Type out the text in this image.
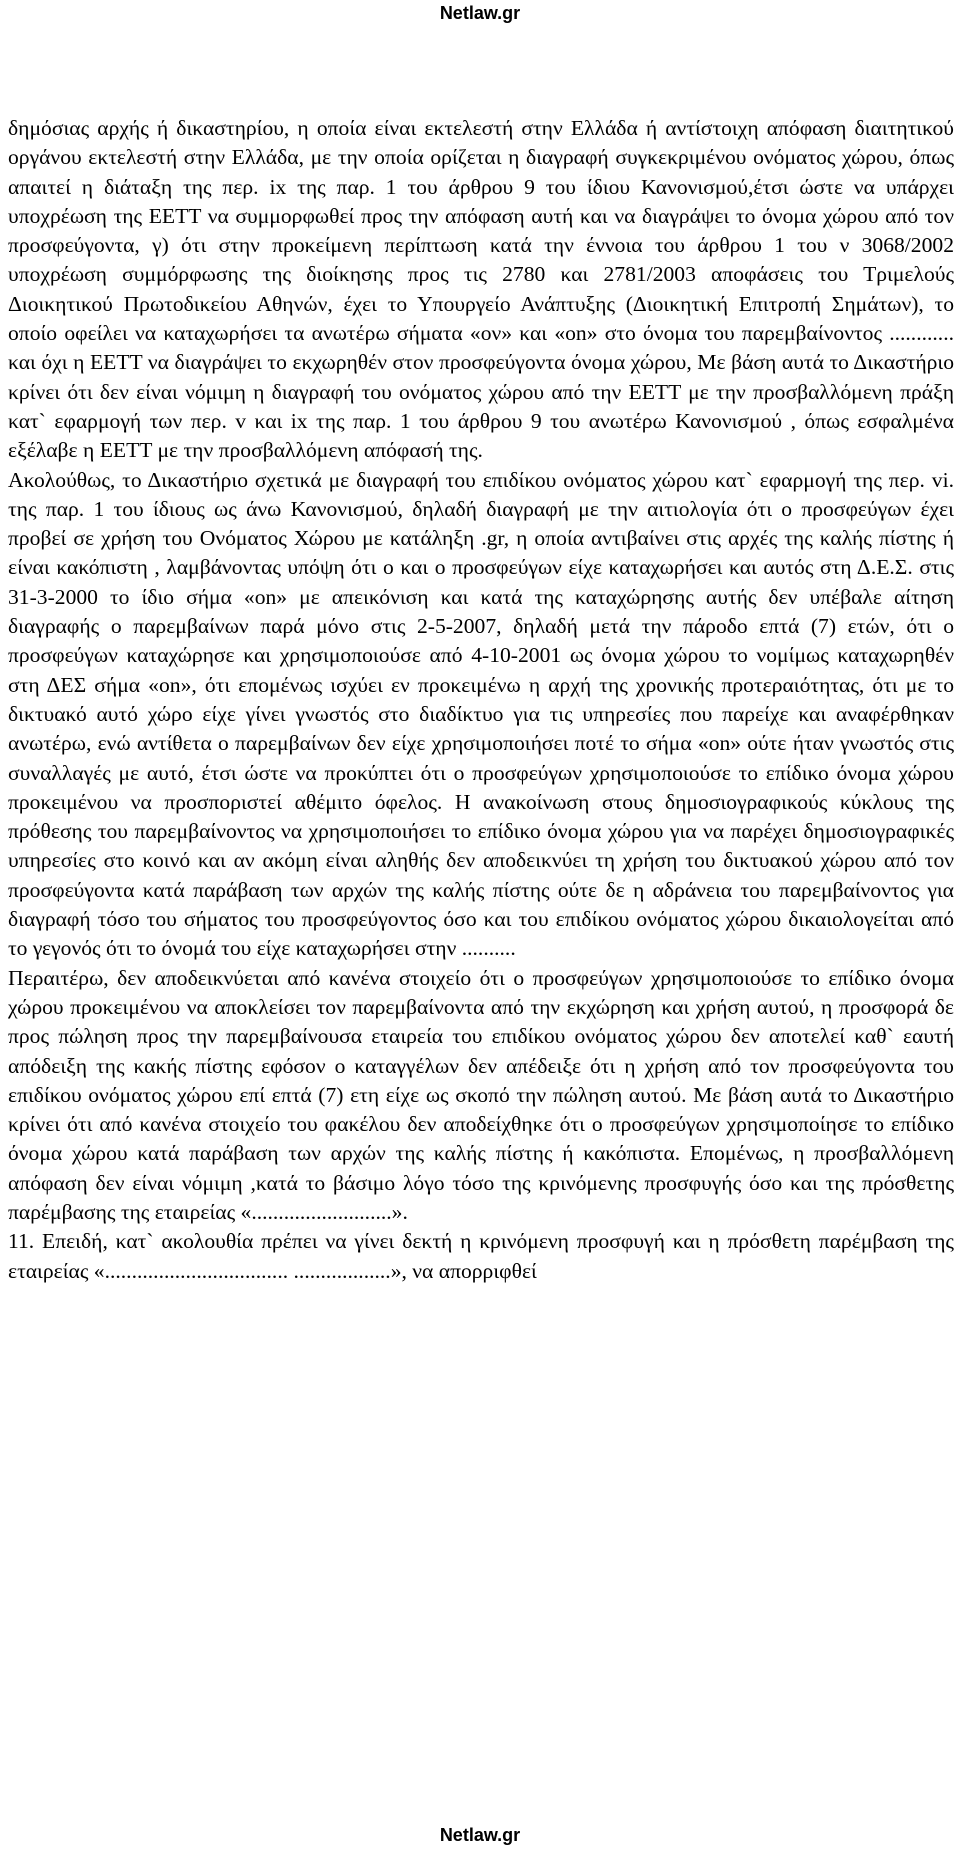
Netlaw.gr

δημόσιας αρχής ή δικαστηρίου, η οποία είναι εκτελεστή στην Ελλάδα ή αντίστοιχη απόφαση διαιτητικού οργάνου εκτελεστή στην Ελλάδα, με την οποία ορίζεται η διαγραφή συγκεκριμένου ονόματος χώρου, όπως απαιτεί η διάταξη της περ. ix της παρ. 1 του άρθρου 9 του ίδιου Κανονισμού,έτσι ώστε να υπάρχει υποχρέωση της ΕΕΤΤ να συμμορφωθεί προς την απόφαση αυτή και να διαγράψει το όνομα χώρου από τον προσφεύγοντα, γ) ότι στην προκείμενη περίπτωση κατά την έννοια του άρθρου 1 του ν 3068/2002 υποχρέωση συμμόρφωσης της διοίκησης προς τις 2780 και 2781/2003 αποφάσεις του Τριμελούς Διοικητικού Πρωτοδικείου Αθηνών, έχει το Υπουργείο Ανάπτυξης (Διοικητική Επιτροπή Σημάτων), το οποίο οφείλει να καταχωρήσει τα ανωτέρω σήματα «ον» και «on» στο όνομα του παρεμβαίνοντος ............ και όχι η ΕΕΤΤ να διαγράψει το εκχωρηθέν στον προσφεύγοντα όνομα χώρου, Με βάση αυτά το Δικαστήριο κρίνει ότι δεν είναι νόμιμη η διαγραφή του ονόματος χώρου από την ΕΕΤΤ με την προσβαλλόμενη πράξη κατ` εφαρμογή των περ. v και ix της παρ. 1 του άρθρου 9 του ανωτέρω Κανονισμού , όπως εσφαλμένα εξέλαβε η ΕΕΤΤ με την προσβαλλόμενη απόφασή της.

Ακολούθως, το Δικαστήριο σχετικά με διαγραφή του επιδίκου ονόματος χώρου κατ` εφαρμογή της περ. vi. της παρ. 1 του ίδιους ως άνω Κανονισμού, δηλαδή διαγραφή με την αιτιολογία ότι ο προσφεύγων έχει προβεί σε χρήση του Ονόματος Χώρου με κατάληξη .gr, η οποία αντιβαίνει στις αρχές της καλής πίστης ή είναι κακόπιστη , λαμβάνοντας υπόψη ότι ο και ο προσφεύγων είχε καταχωρήσει και αυτός στη Δ.Ε.Σ. στις 31-3-2000 το ίδιο σήμα «on» με απεικόνιση και κατά της καταχώρησης αυτής δεν υπέβαλε αίτηση διαγραφής ο παρεμβαίνων παρά μόνο στις 2-5-2007, δηλαδή μετά την πάροδο επτά (7) ετών, ότι ο προσφεύγων καταχώρησε και χρησιμοποιούσε από 4-10-2001 ως όνομα χώρου το νομίμως καταχωρηθέν στη ΔΕΣ σήμα «on», ότι επομένως ισχύει εν προκειμένω η αρχή της χρονικής προτεραιότητας, ότι με το δικτυακό αυτό χώρο είχε γίνει γνωστός στο διαδίκτυο για τις υπηρεσίες που παρείχε και αναφέρθηκαν ανωτέρω, ενώ αντίθετα ο παρεμβαίνων δεν είχε χρησιμοποιήσει ποτέ το σήμα «on» ούτε ήταν γνωστός στις συναλλαγές με αυτό, έτσι ώστε να προκύπτει ότι ο προσφεύγων χρησιμοποιούσε το επίδικο όνομα χώρου προκειμένου να προσποριστεί αθέμιτο όφελος. Η ανακοίνωση στους δημοσιογραφικούς κύκλους της πρόθεσης του παρεμβαίνοντος να χρησιμοποιήσει το επίδικο όνομα χώρου για να παρέχει δημοσιογραφικές υπηρεσίες στο κοινό και αν ακόμη είναι αληθής δεν αποδεικνύει τη χρήση του δικτυακού χώρου από τον προσφεύγοντα κατά παράβαση των αρχών της καλής πίστης ούτε δε η αδράνεια του παρεμβαίνοντος για διαγραφή τόσο του σήματος του προσφεύγοντος όσο και του επιδίκου ονόματος χώρου δικαιολογείται από το γεγονός ότι το όνομά του είχε καταχωρήσει στην ..........

Περαιτέρω, δεν αποδεικνύεται από κανένα στοιχείο ότι ο προσφεύγων χρησιμοποιούσε το επίδικο όνομα χώρου προκειμένου να αποκλείσει τον παρεμβαίνοντα από την εκχώρηση και χρήση αυτού, η προσφορά δε προς πώληση προς την παρεμβαίνουσα εταιρεία του επιδίκου ονόματος χώρου δεν αποτελεί καθ` εαυτή απόδειξη της κακής πίστης εφόσον ο καταγγέλων δεν απέδειξε ότι η χρήση από τον προσφεύγοντα του επιδίκου ονόματος χώρου επί επτά (7) ετη είχε ως σκοπό την πώληση αυτού. Με βάση αυτά το Δικαστήριο κρίνει ότι από κανένα στοιχείο του φακέλου δεν αποδείχθηκε ότι ο προσφεύγων χρησιμοποίησε το επίδικο όνομα χώρου κατά παράβαση των αρχών της καλής πίστης ή κακόπιστα. Επομένως, η προσβαλλόμενη απόφαση δεν είναι νόμιμη ,κατά το βάσιμο λόγο τόσο της κρινόμενης προσφυγής όσο και της πρόσθετης παρέμβασης της εταιρείας «..........................».

11. Επειδή, κατ` ακολουθία πρέπει να γίνει δεκτή η κρινόμενη προσφυγή και η πρόσθετη παρέμβαση της εταιρείας «.................................. ..................», να απορριφθεί

Netlaw.gr
